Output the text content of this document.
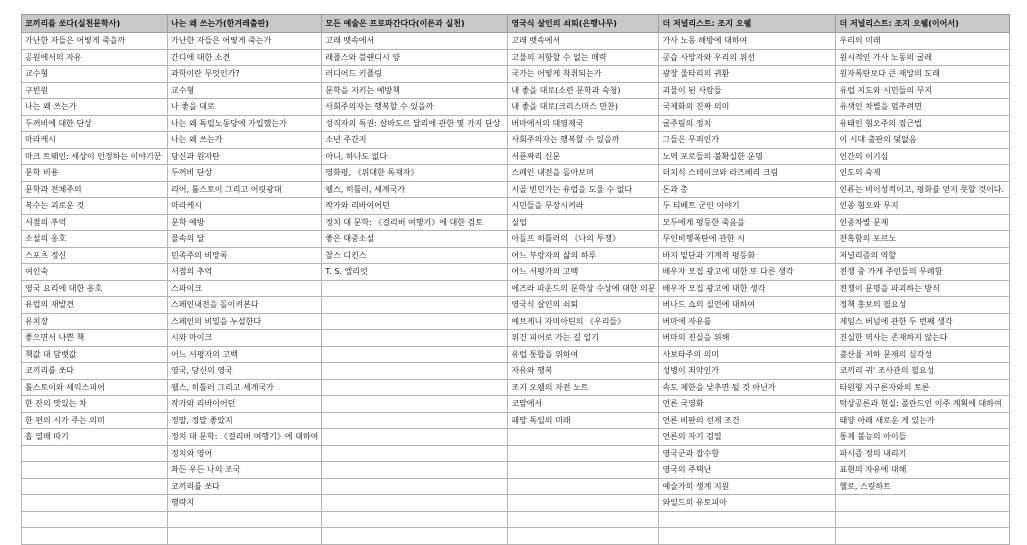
코끼리를 쏘다(실천문학사)	나는 왜 쓰는가(한겨레출판)	모든 예술은 프로파간다다(이론과 실천)	영국식 살인의 쇠퇴(은행나무)	더 저널리스트: 조지 오웰	더 저널리스트: 조지 오웰(이어서)
가난한 자들은 어떻게 죽을까	가난한 자들은 어떻게 죽는가	고래 뱃속에서	고래 뱃속에서	가사 노동 해방에 대하여	우리의 미래
공원에서의 자유	간디에 대한 소견	래플스와 블랜디시 양	고물의 저항할 수 없는 매력	공습 사망자와 우리의 위선	원시적인 가사 노동의 굴레
교수형	과학이란 무엇인가?	러디어드 키플링	국가는 어떻게 착취되는가	광장 울타리의 귀환	원자폭탄보다 큰 재앙의 도래
구빈원	교수형	문학을 지키는 예방책	내 좋을 대로(소련 문학과 숙청)	괴물이 된 사람들	유럽 지도와 시민들의 무지
나는 왜 쓰는가	나 좋을 대로	사회주의자는 행복할 수 있을까	내 좋을 대로(크리스마스 만찬)	국제화의 진짜 의미	유색인 차별을 멈추려면
두꺼비에 대한 단상	나는 왜 독립노동당에 가입했는가	성직자의 특권: 살바도르 달리에 관한 몇 가지 단상	버마에서의 대영제국	굴주림의 정치	유태인 혐오주의 점근법
마라케시	나는 왜 쓰는가	소년 주간지	사회주의자는 행복할 수 있을까	그들은 무죄인가	이 시대 출판의 덫없음
마크 트웨인: 세상이 인정하는 이야기꾼	당신과 원자탄	아니, 하나도 없다	서푼짜리 신문	노역 포로들의 불확실한 운명	인간의 이기심
문학 비용	두꺼비 단상	영화평, 《위대한 독재자》	스페인 내전을 돌아보며	더치식 스테이크와 라즈베리 크림	인도의 숙제
문학과 전체주의	리어, 톨스토이 그리고 어릿광대	웰스, 히틀러, 세계국가	시골 빈민가는 유럽을 도울 수 없다	돈과 총	인류는 비이성적이고, 평화를 얻지 못할 것이다.
복수는 괴로운 것	마라케시	작가와 리바이어던	시민들을 무장시켜라	두 티베트 군인 이야기	인종 혐오와 무지
서점의 추억	문학 예방	정치 대 문학: 《걸리버 여행기》에 대한 검토	실업	모두에게 평등한 죽음을	인종차별 문제
소설의 옹호	물속의 달	좋은 대중소설	아돌프 히틀러의 《나의 투쟁》	무인비행폭탄에 관한 시	잔혹함의 포르노
스포츠 정신	민족주의 비망록	찰스 디킨스	어느 부랑자의 삶의 하루	바지 밑단과 기계적 평등화	저널리즘의 역할
여인숙	서점의 추억	T. S. 엘리엇	어느 서평가의 고백	배우자 모집 광고에 대한 또 다른 생각	전쟁 중 가게 주인들의 무례함
영국 요리에 대한 옹호	스파이크		에즈라 파운드의 문학상 수상에 대한 의문	배우자 모집 광고에 대한 생각	전쟁이 문명을 파괴하는 방식
유럽의 재발견	스페인내전을 돌이켜본다		영국식 살인의 쇠퇴	버나드 쇼의 실언에 대하여	정책 홍보의 필요성
유치장	스페인의 비밀을 누설한다		예브게니 자미아틴의 《우리들》	버마에 자유를	제임스 버넘에 관한 두 번째 생각
좋으면서 나쁜 책	시와 마이크		위건 피어로 가는 길 일기	버마의 진실을 위해	진실한 역사는 존재하지 않는다
책값 대 담뱃값	어느 서평자의 고백		유럽 통합을 위하여	사보타주의 의미	출산율 저하 문제의 심각성
코끼리를 쏘다	영국, 당신의 영국		자유와 행복	성병이 죄악인가	코끼리 귀' 조사관의 필요성
톨스토이와 셰익스피어	웰스, 히틀러 그리고 세계국가		조지 오웰의 자전 노트	속도 제한을 낮추면 될 것 아닌가	타원형 지구론자와의 토론
한 잔의 맛있는 차	작가와 리바이어던		코맘에서	언론 국영화	탁상공론과 현실: 폴란드인 이주 계획에 대하여
한 편의 시가 주는 의미	정말, 정말 좋았지		패망 독일의 미래	언론 비판의 선제 조건	태양 아래 새로운 게 있는가
홉 열매 따기	정치 대 문학: 《걸리버 여행기》에 대하여			언론의 자기 검열	통제 불능의 아이들
	정치와 영어			영국군과 잡수함	파시즘 정의 내리기
	좌든 우든 나의 조국			영국의 주택난	표현의 자유에 대해
	코끼리를 쏘다			예술가의 생계 지원	헬로, 스릿하트
	행락지			와일드의 유토피아	
